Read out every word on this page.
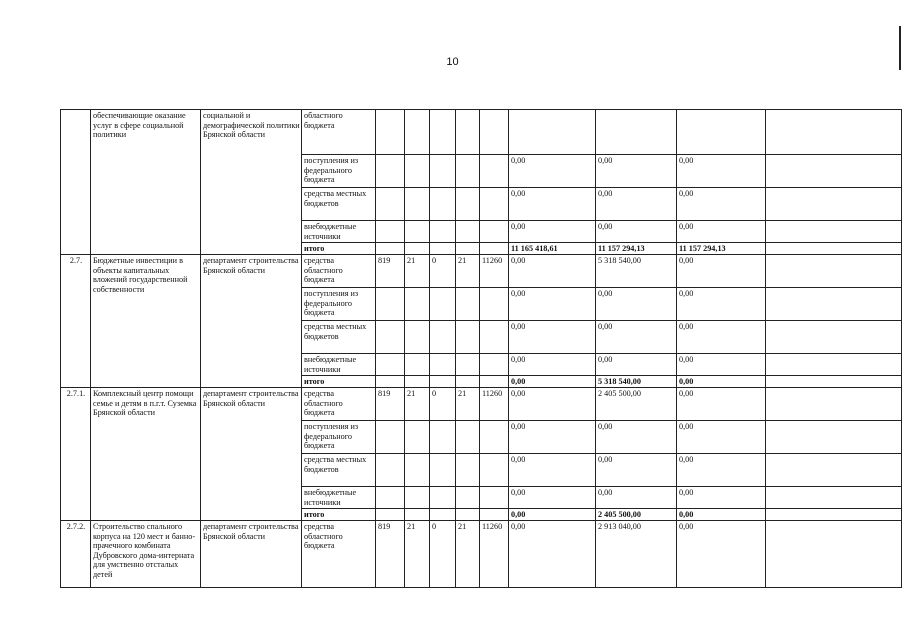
10
	обеспечивающие оказание услуг в сфере социальной политики	социальной и демографической политики Брянской области	областного бюджета									
			поступления из федерального бюджета						0,00	0,00	0,00	
			средства местных бюджетов						0,00	0,00	0,00	
			внебюджетные источники						0,00	0,00	0,00	
			итого						11 165 418,61	11 157 294,13	11 157 294,13	

2.7.	Бюджетные инвестиции в объекты капитальных вложений государственной собственности	департамент строительства Брянской области	средства областного бюджета	819	21	0	21	11260	0,00	5 318 540,00	0,00	
			поступления из федерального бюджета						0,00	0,00	0,00	
			средства местных бюджетов						0,00	0,00	0,00	
			внебюджетные источники						0,00	0,00	0,00	
			итого						0,00	5 318 540,00	0,00	
2.7.1.	Комплексный центр помощи семье и детям в п.г.т. Суземка Брянской области	департамент строительства Брянской области	средства областного бюджета	819	21	0	21	11260	0,00	2 405 500,00	0,00	
			поступления из федерального бюджета						0,00	0,00	0,00	
			средства местных бюджетов						0,00	0,00	0,00	
			внебюджетные источники						0,00	0,00	0,00	
			итого						0,00	2 405 500,00	0,00	
2.7.2.	Строительство спального корпуса на 120 мест и банно-прачечного комбината Дубровского дома-интерната для умственно отсталых детей	департамент строительства Брянской области	средства областного бюджета	819	21	0	21	11260	0,00	2 913 040,00	0,00	
